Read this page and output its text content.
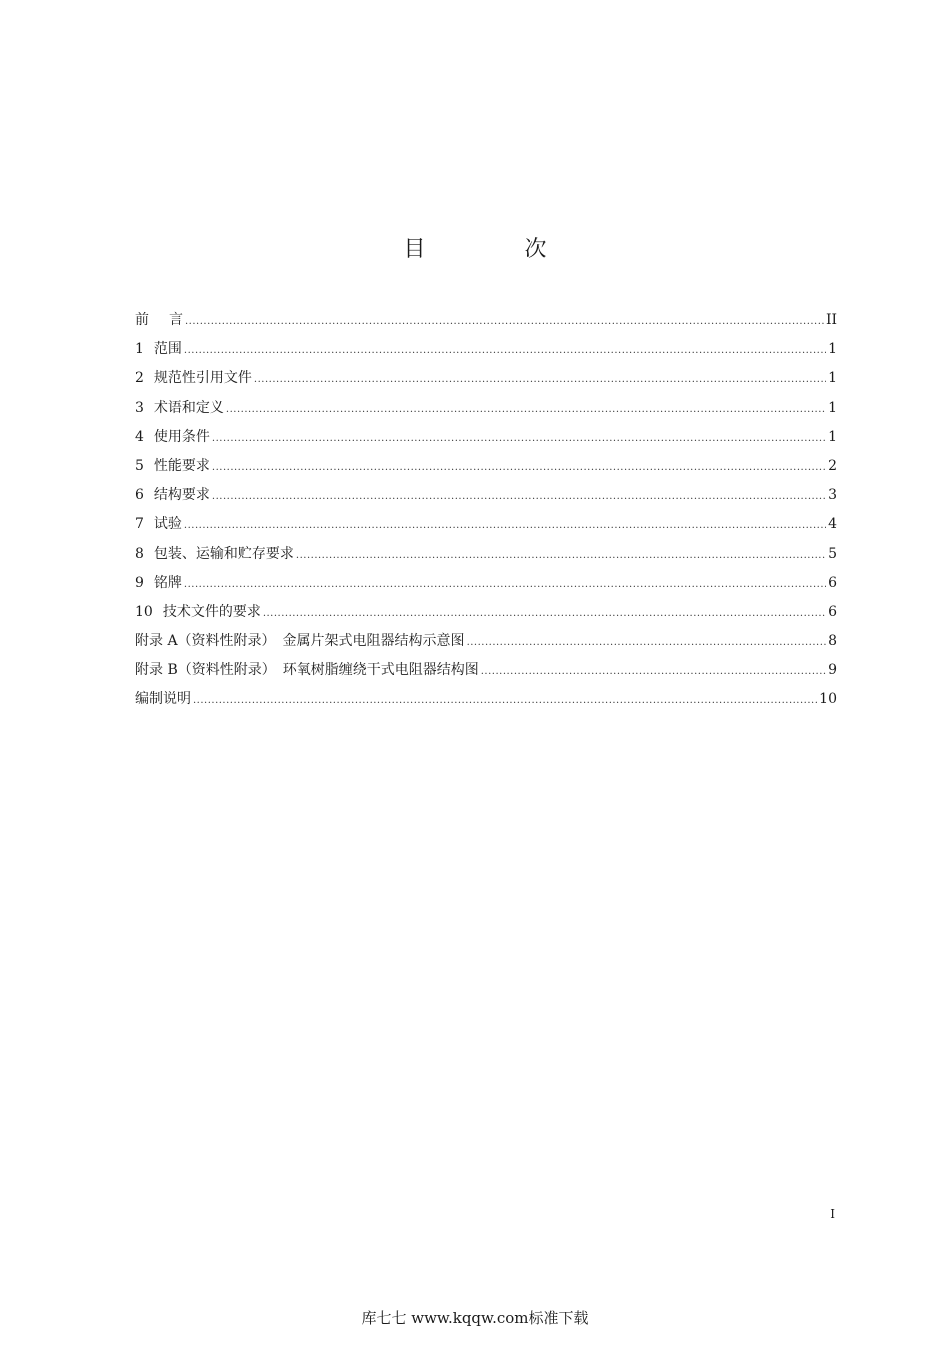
目 次
前言 .....	II
1 范围 .....	1
2 规范性引用文件 .....	1
3 术语和定义 .....	1
4 使用条件 .....	1
5 性能要求 .....	2
6 结构要求 .....	3
7 试验 .....	4
8 包装、运输和贮存要求 .....	5
9 铭牌 .....	6
10 技术文件的要求 .....	6
附录 A（资料性附录）　金属片架式电阻器结构示意图 .....	8
附录 B（资料性附录）　环氧树脂缠绕干式电阻器结构图 .....	9
编制说明 .....	10
I
库七七 www.kqqw.com标准下载
